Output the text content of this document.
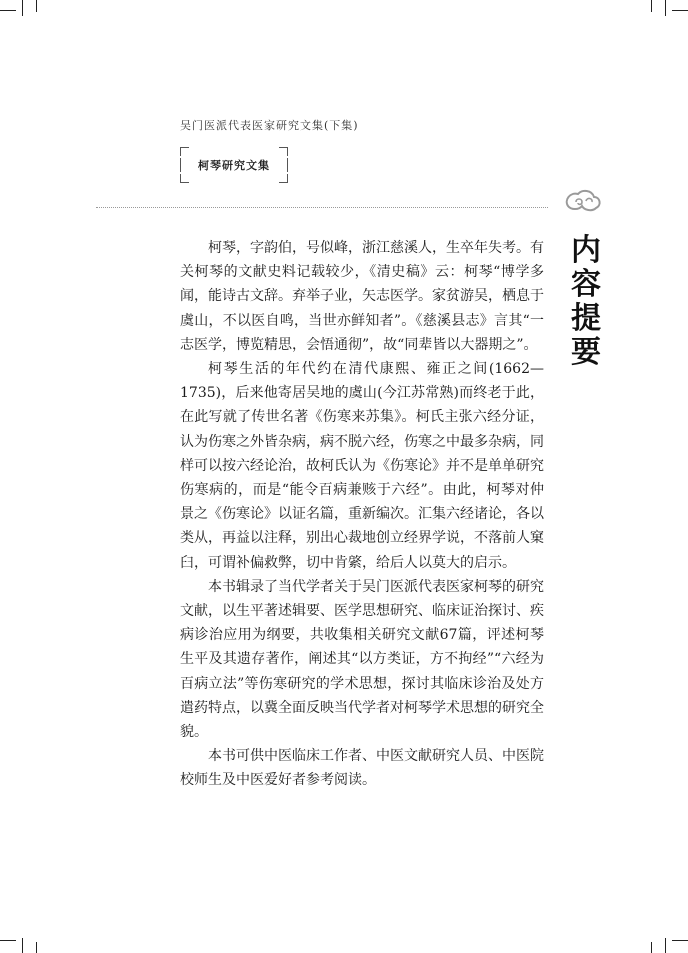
吴门医派代表医家研究文集(下集)
柯琴研究文集
内
容
提
要

柯琴，字韵伯，号似峰，浙江慈溪人，生卒年失考。有关柯琴的文献史料记载较少，《清史稿》云：柯琴“博学多闻，能诗古文辞。弃举子业，矢志医学。家贫游吴，栖息于虞山，不以医自鸣，当世亦鲜知者”。《慈溪县志》言其“一志医学，博览精思，会悟通彻”，故“同辈皆以大器期之”。

柯琴生活的年代约在清代康熙、雍正之间(1662—1735)，后来他寄居吴地的虞山(今江苏常熟)而终老于此，在此写就了传世名著《伤寒来苏集》。柯氏主张六经分证，认为伤寒之外皆杂病，病不脱六经，伤寒之中最多杂病，同样可以按六经论治，故柯氏认为《伤寒论》并不是单单研究伤寒病的，而是“能令百病兼赅于六经”。由此，柯琴对仲景之《伤寒论》以证名篇，重新编次。汇集六经诸论，各以类从，再益以注释，别出心裁地创立经界学说，不落前人窠臼，可谓补偏救弊，切中肯綮，给后人以莫大的启示。

本书辑录了当代学者关于吴门医派代表医家柯琴的研究文献，以生平著述辑要、医学思想研究、临床证治探讨、疾病诊治应用为纲要，共收集相关研究文献67篇，评述柯琴生平及其遗存著作，阐述其“以方类证，方不拘经”“六经为百病立法”等伤寒研究的学术思想，探讨其临床诊治及处方遣药特点，以冀全面反映当代学者对柯琴学术思想的研究全貌。

本书可供中医临床工作者、中医文献研究人员、中医院校师生及中医爱好者参考阅读。
